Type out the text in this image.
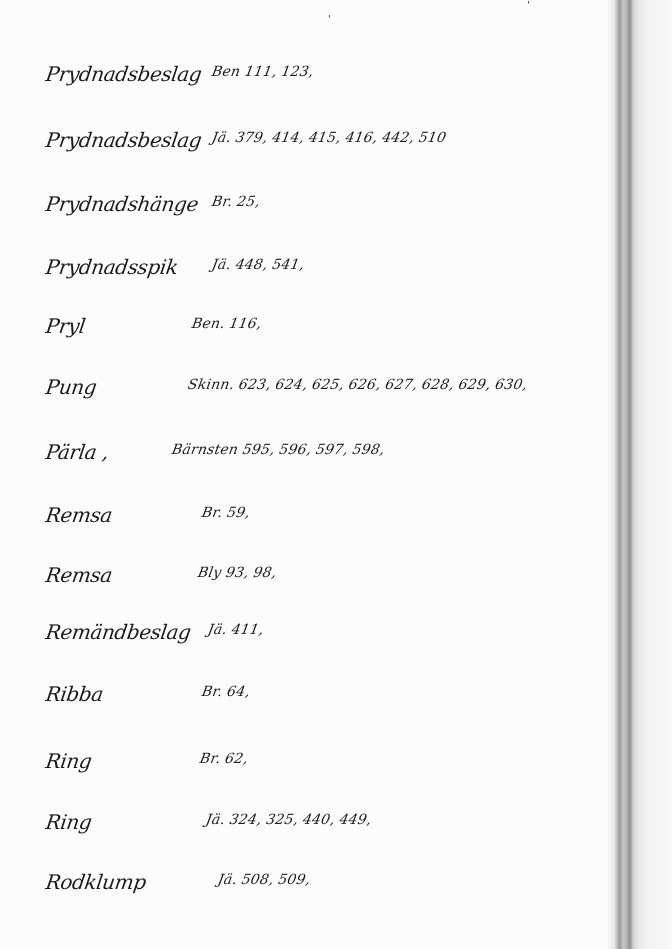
'
'
Prydnadsbeslag Ben 111, 123,
Prydnadsbeslag Jä. 379, 414, 415, 416, 442, 510
Prydnadshänge Br. 25,
Prydnadsspik Jä. 448, 541,
Pryl	Ben. 116,
Pung	Skinn. 623, 624, 625, 626, 627, 628, 629, 630,
Pärla ,	Bärnsten 595, 596, 597, 598,
Remsa	Br. 59,
Remsa	Bly 93, 98,
Remändbeslag Jä. 411,
Ribba	Br. 64,
Ring	Br. 62,
Ring	Jä. 324, 325, 440, 449,
Rodklump	Jä. 508, 509,
